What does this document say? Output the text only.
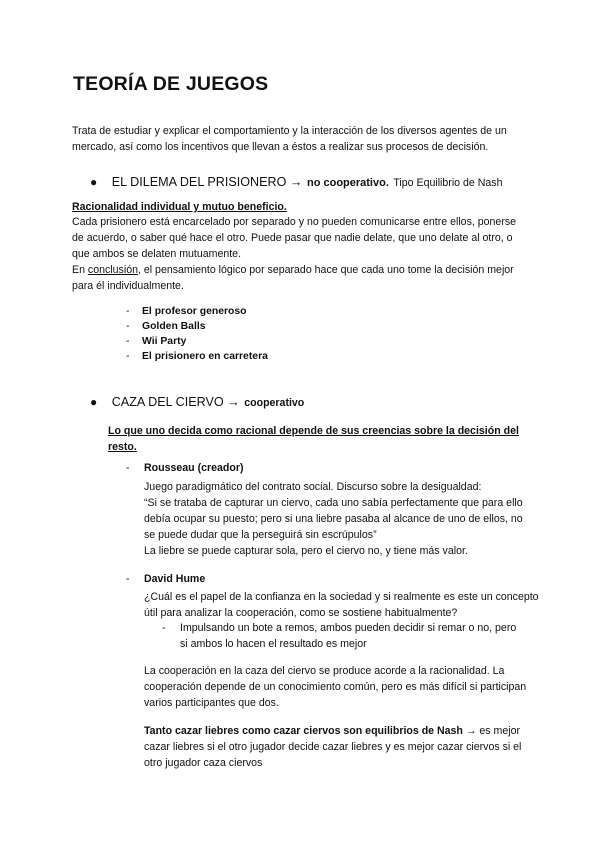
TEORÍA DE JUEGOS
Trata de estudiar y explicar el comportamiento y la interacción de los diversos agentes de un mercado, así como los incentivos que llevan a éstos a realizar sus procesos de decisión.
● EL DILEMA DEL PRISIONERO → no cooperativo. Tipo Equilibrio de Nash
Racionalidad individual y mutuo beneficio.
Cada prisionero está encarcelado por separado y no pueden comunicarse entre ellos, ponerse de acuerdo, o saber qué hace el otro. Puede pasar que nadie delate, que uno delate al otro, o que ambos se delaten mutuamente.
En conclusión, el pensamiento lógico por separado hace que cada uno tome la decisión mejor para él individualmente.
- El profesor generoso
- Golden Balls
- Wii Party
- El prisionero en carretera
● CAZA DEL CIERVO → cooperativo
Lo que uno decida como racional depende de sus creencias sobre la decisión del resto.
- Rousseau (creador)
Juego paradigmático del contrato social. Discurso sobre la desigualdad:
“Si se trataba de capturar un ciervo, cada uno sabía perfectamente que para ello debía ocupar su puesto; pero si una liebre pasaba al alcance de uno de ellos, no se puede dudar que la perseguirá sin escrúpulos”
La liebre se puede capturar sola, pero el ciervo no, y tiene más valor.
- David Hume
¿Cuál es el papel de la confianza en la sociedad y si realmente es este un concepto útil para analizar la cooperación, como se sostiene habitualmente?
-	Impulsando un bote a remos, ambos pueden decidir si remar o no, pero si ambos lo hacen el resultado es mejor
La cooperación en la caza del ciervo se produce acorde a la racionalidad. La cooperación depende de un conocimiento común, pero es más difícil si participan varios participantes que dos.
Tanto cazar liebres como cazar ciervos son equilibrios de Nash → es mejor cazar liebres si el otro jugador decide cazar liebres y es mejor cazar ciervos si el otro jugador caza ciervos
